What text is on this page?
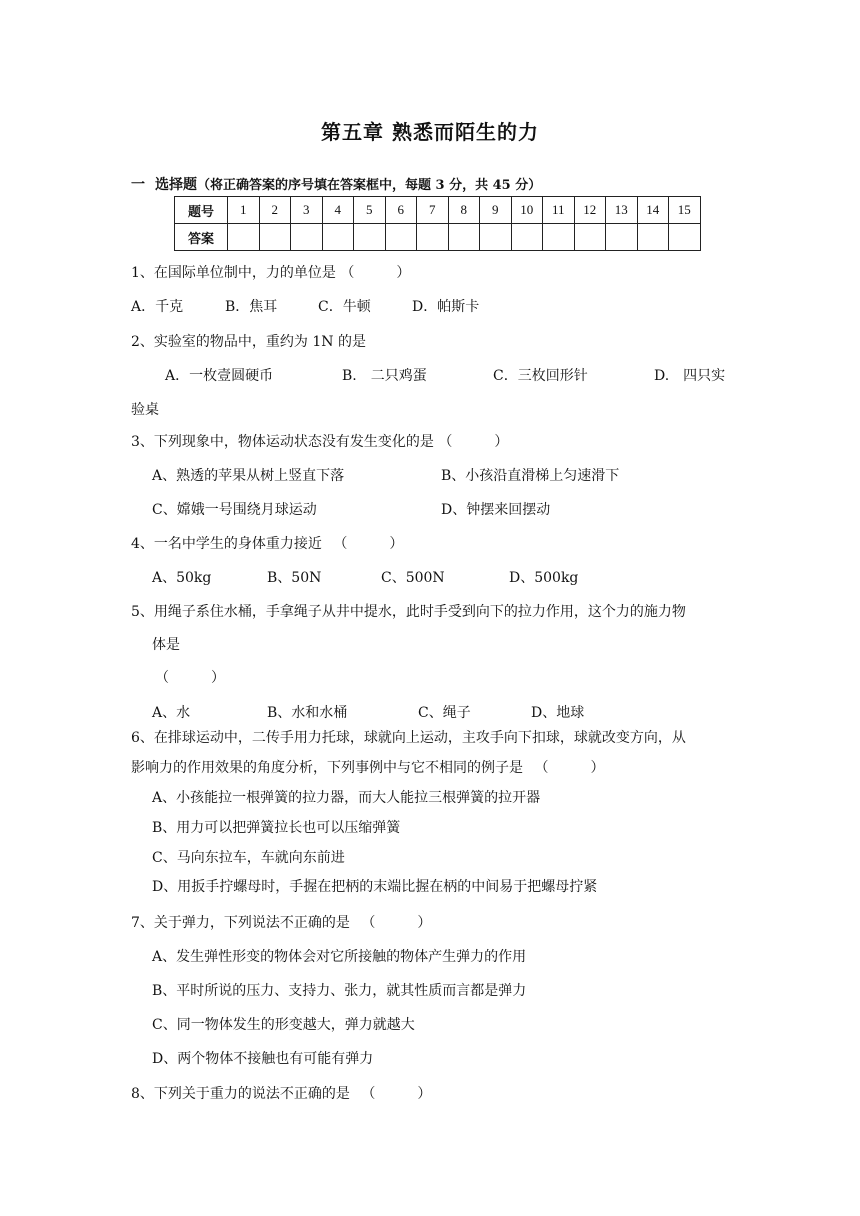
第五章 熟悉而陌生的力
一 选择题（将正确答案的序号填在答案框中，每题 3 分，共 45 分）
题号	1	2	3	4	5	6	7	8	9	10	11	12	13	14	15
答案															
1、在国际单位制中，力的单位是 （　　　）
A．千克	B．焦耳	C．牛顿	D．帕斯卡
2、实验室的物品中，重约为 1N 的是
A．一枚壹圆硬币	B.　二只鸡蛋	C．三枚回形针	D.　四只实
验桌
3、下列现象中，物体运动状态没有发生变化的是 （　　　）
A、熟透的苹果从树上竖直下落	B、小孩沿直滑梯上匀速滑下
C、嫦娥一号围绕月球运动	D、钟摆来回摆动
4、一名中学生的身体重力接近 　（　　　）
A、50kg	B、50N	C、500N	D、500kg
5、用绳子系住水桶，手拿绳子从井中提水，此时手受到向下的拉力作用，这个力的施力物
体是
（　　　）
A、水	B、水和水桶	C、绳子	D、地球
6、在排球运动中，二传手用力托球，球就向上运动，主攻手向下扣球，球就改变方向，从
影响力的作用效果的角度分析，下列事例中与它不相同的例子是 　（　　　）
A、小孩能拉一根弹簧的拉力器，而大人能拉三根弹簧的拉开器
B、用力可以把弹簧拉长也可以压缩弹簧
C、马向东拉车，车就向东前进
D、用扳手拧螺母时，手握在把柄的末端比握在柄的中间易于把螺母拧紧
7、关于弹力，下列说法不正确的是 　（　　　）
A、发生弹性形变的物体会对它所接触的物体产生弹力的作用
B、平时所说的压力、支持力、张力，就其性质而言都是弹力
C、同一物体发生的形变越大，弹力就越大
D、两个物体不接触也有可能有弹力
8、下列关于重力的说法不正确的是 　（　　　）
